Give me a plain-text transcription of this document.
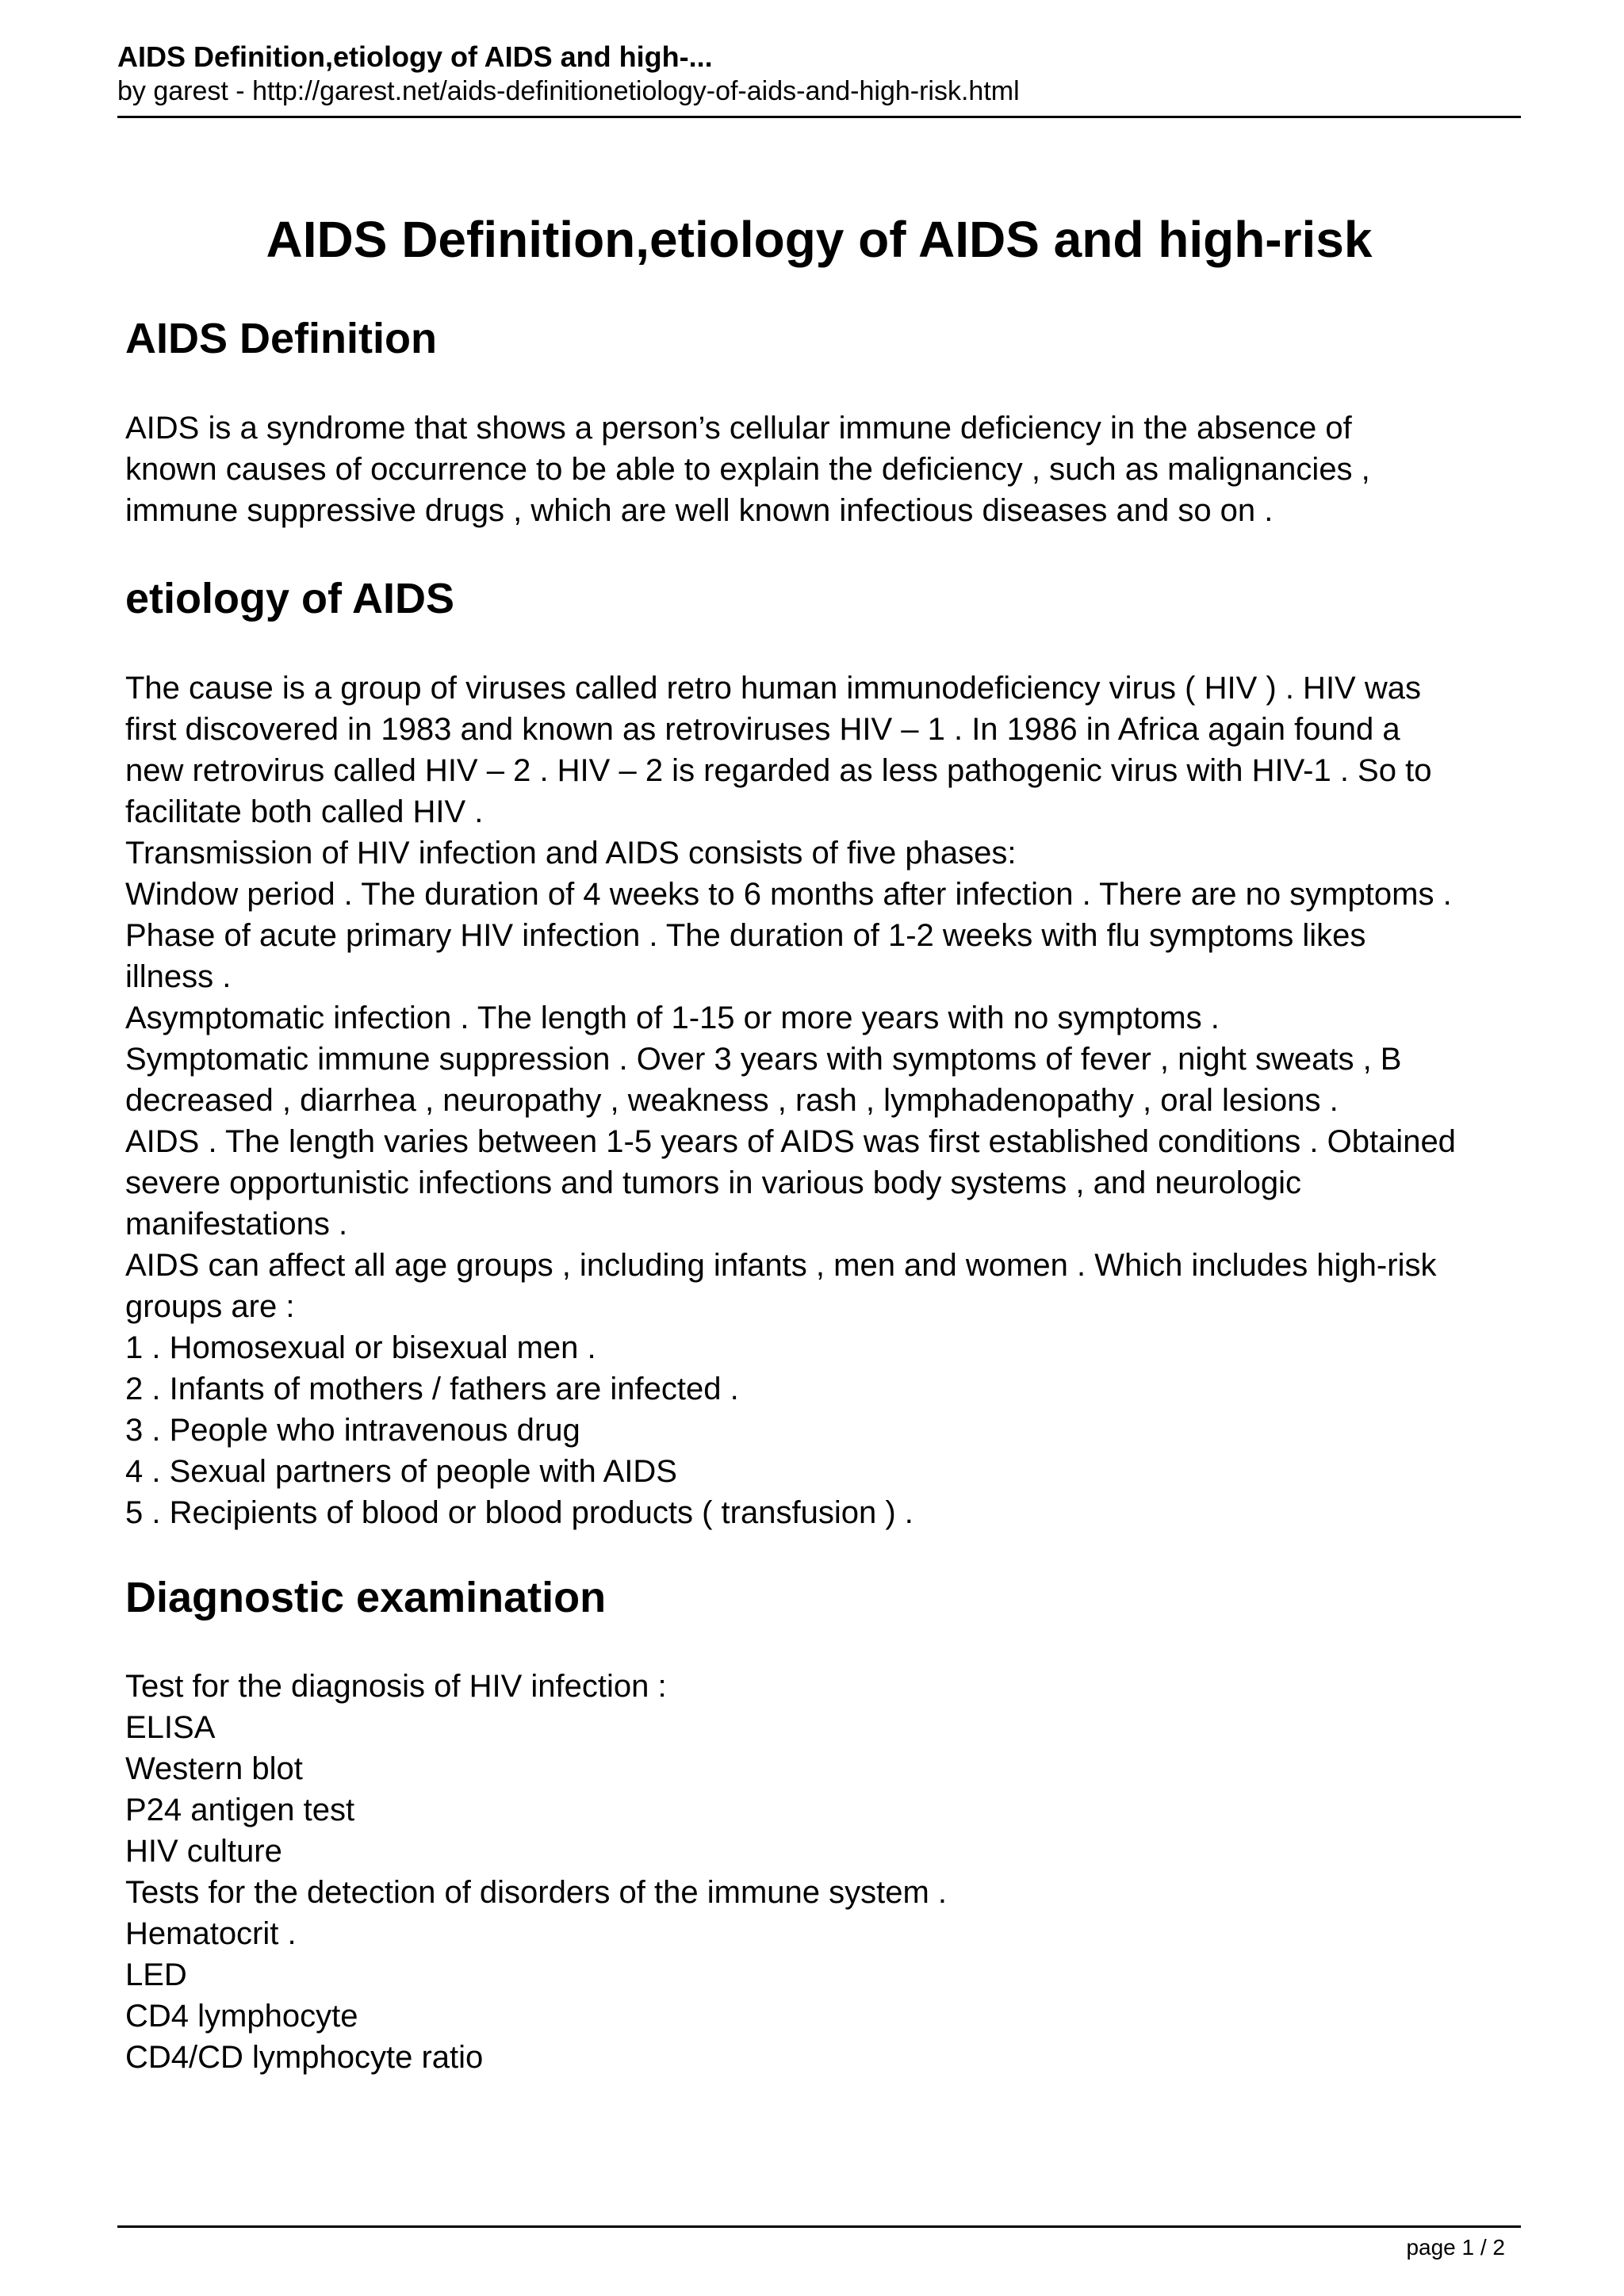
AIDS Definition,etiology of AIDS and high-...
by garest - http://garest.net/aids-definitionetiology-of-aids-and-high-risk.html
AIDS Definition,etiology of AIDS and high-risk
AIDS Definition
AIDS is a syndrome that shows a person’s cellular immune deficiency in the absence of
known causes of occurrence to be able to explain the deficiency , such as malignancies ,
immune suppressive drugs , which are well known infectious diseases and so on .
etiology of AIDS
The cause is a group of viruses called retro human immunodeficiency virus ( HIV ) . HIV was
first discovered in 1983 and known as retroviruses HIV – 1 . In 1986 in Africa again found a
new retrovirus called HIV – 2 . HIV – 2 is regarded as less pathogenic virus with HIV-1 . So to
facilitate both called HIV .
Transmission of HIV infection and AIDS consists of five phases:
Window period . The duration of 4 weeks to 6 months after infection . There are no symptoms .
Phase of acute primary HIV infection . The duration of 1-2 weeks with flu symptoms likes
illness .
Asymptomatic infection . The length of 1-15 or more years with no symptoms .
Symptomatic immune suppression . Over 3 years with symptoms of fever , night sweats , B
decreased , diarrhea , neuropathy , weakness , rash , lymphadenopathy , oral lesions .
AIDS . The length varies between 1-5 years of AIDS was first established conditions . Obtained
severe opportunistic infections and tumors in various body systems , and neurologic
manifestations .
AIDS can affect all age groups , including infants , men and women . Which includes high-risk
groups are :
1 . Homosexual or bisexual men .
2 . Infants of mothers / fathers are infected .
3 . People who intravenous drug
4 . Sexual partners of people with AIDS
5 . Recipients of blood or blood products ( transfusion ) .
Diagnostic examination
Test for the diagnosis of HIV infection :
ELISA
Western blot
P24 antigen test
HIV culture
Tests for the detection of disorders of the immune system .
Hematocrit .
LED
CD4 lymphocyte
CD4/CD lymphocyte ratio
page 1 / 2
